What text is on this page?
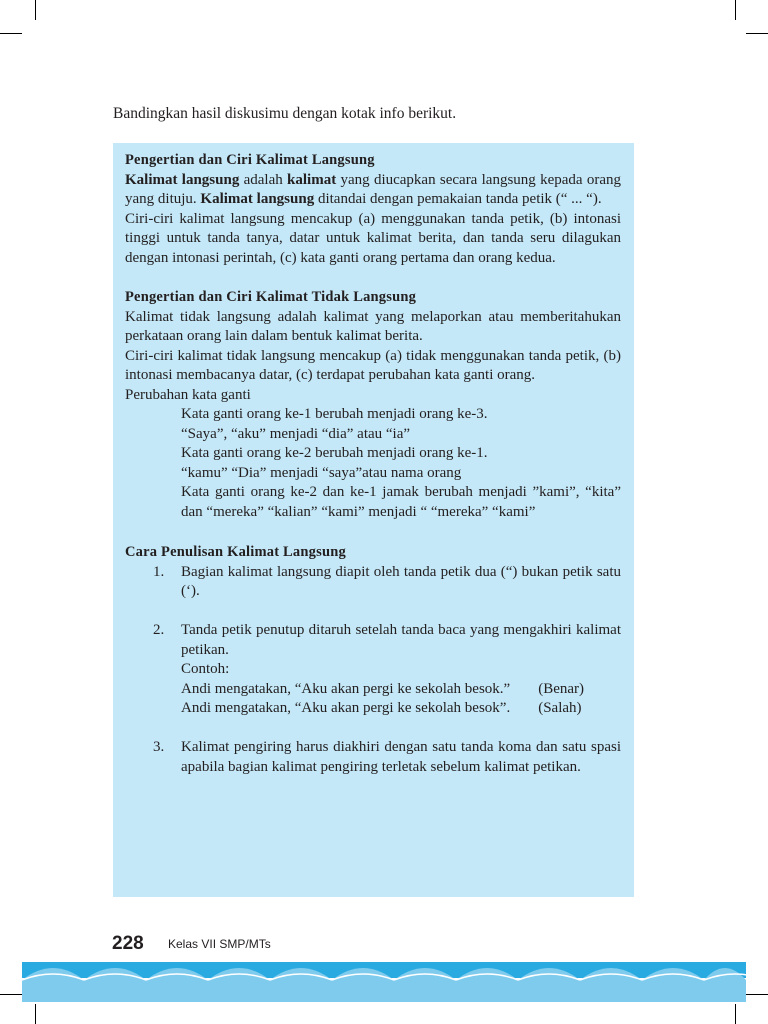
Bandingkan hasil diskusimu dengan kotak info berikut.

Pengertian dan Ciri Kalimat Langsung

Kalimat langsung adalah kalimat yang diucapkan secara langsung kepada orang yang dituju. Kalimat langsung ditandai dengan pemakaian tanda petik (“ ... “).

Ciri-ciri kalimat langsung mencakup (a) menggunakan tanda petik, (b) intonasi tinggi untuk tanda tanya, datar untuk kalimat berita, dan tanda seru dilagukan dengan intonasi perintah, (c) kata ganti orang pertama dan orang kedua.

Pengertian dan Ciri Kalimat Tidak Langsung

Kalimat tidak langsung adalah kalimat yang melaporkan atau memberitahukan perkataan orang lain dalam bentuk kalimat berita.

Ciri-ciri kalimat tidak langsung mencakup (a) tidak menggunakan tanda petik, (b) intonasi membacanya datar, (c) terdapat perubahan kata ganti orang.

Perubahan kata ganti

Kata ganti orang ke-1 berubah menjadi orang ke-3.

“Saya”, “aku” menjadi “dia” atau “ia”

Kata ganti orang ke-2 berubah menjadi orang ke-1.

“kamu” “Dia” menjadi “saya”atau nama orang

Kata ganti orang ke-2 dan ke-1 jamak berubah menjadi ”kami”, “kita” dan “mereka” “kalian” “kami” menjadi “ “mereka” “kami”

Cara Penulisan Kalimat Langsung

1. Bagian kalimat langsung diapit oleh tanda petik dua (“) bukan petik satu (‘).

2. Tanda petik penutup ditaruh setelah tanda baca yang mengakhiri kalimat petikan.

Contoh:

Andi mengatakan, “Aku akan pergi ke sekolah besok.” (Benar)

Andi mengatakan, “Aku akan pergi ke sekolah besok”. (Salah)

3. Kalimat pengiring harus diakhiri dengan satu tanda koma dan satu spasi apabila bagian kalimat pengiring terletak sebelum kalimat petikan.

228 Kelas VII SMP/MTs
